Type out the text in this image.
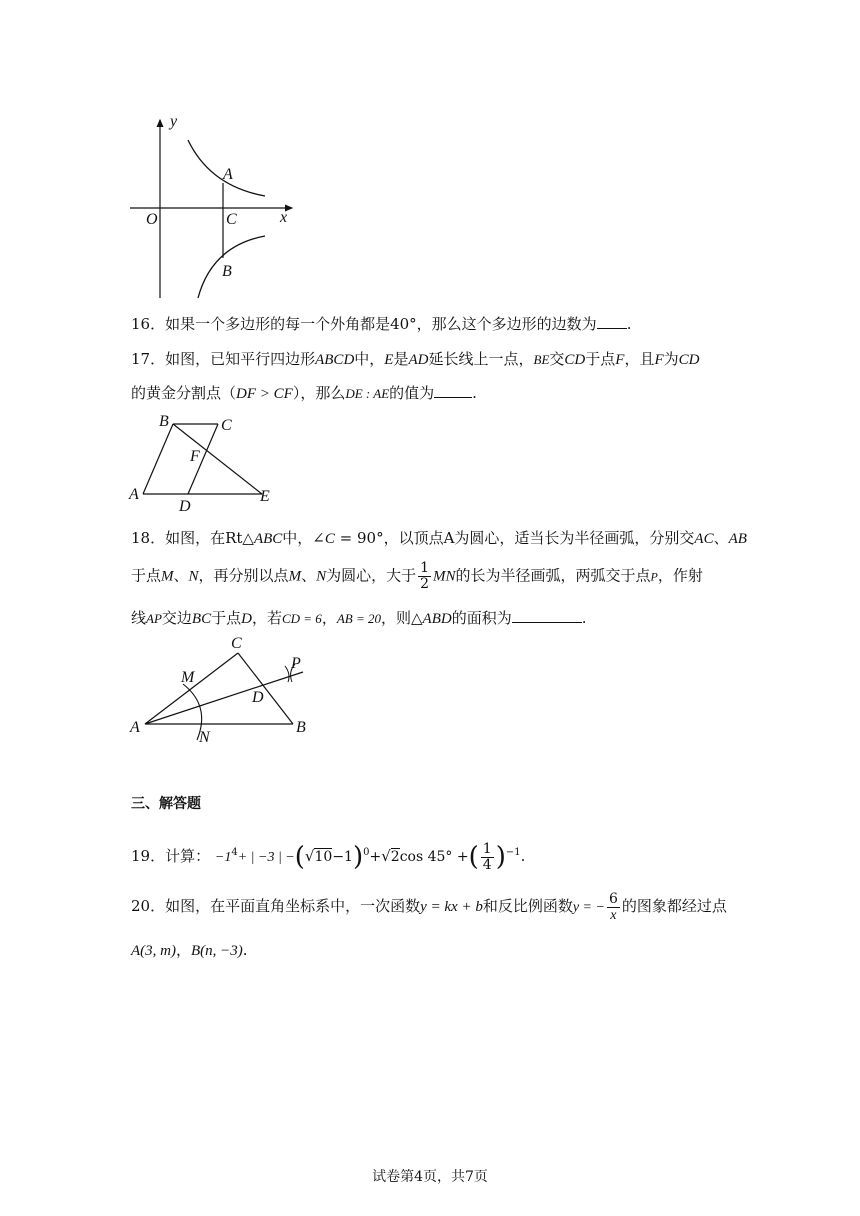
y
x
O
A
C
B
16．如果一个多边形的每一个外角都是40°，那么这个多边形的边数为 .
17．如图，已知平行四边形ABCD中，E是AD延长线上一点，BE交CD于点F，且F为CD
的黄金分割点（DF > CF），那么DE : AE的值为	.
B	C
F
A
D
E
18．如图，在Rt△ABC中，∠C = 90°，以顶点A为圆心，适当长为半径画弧，分别交AC、AB
于点M、N，再分别以点M、N为圆心，大于 $\frac{1}{2}$ MN的长为半径画弧，两弧交于点P，作射
线AP交边BC于点D，若CD = 6，AB = 20，则△ABD的面积为	.
C
M
P
D
A
N
B
三、解答题
19．计算： $-1^4+$ | −3 | $-(√10-1)^0+√2\cos$ 45° +( $\frac{1}{4} )^{-1}$.
20．如图，在平面直角坐标系中，一次函数y = kx + b和反比例函数y = − $\frac{6}{x}$ 的图象都经过点
A(3, m)，B(n, −3).
试卷第4页，共7页
